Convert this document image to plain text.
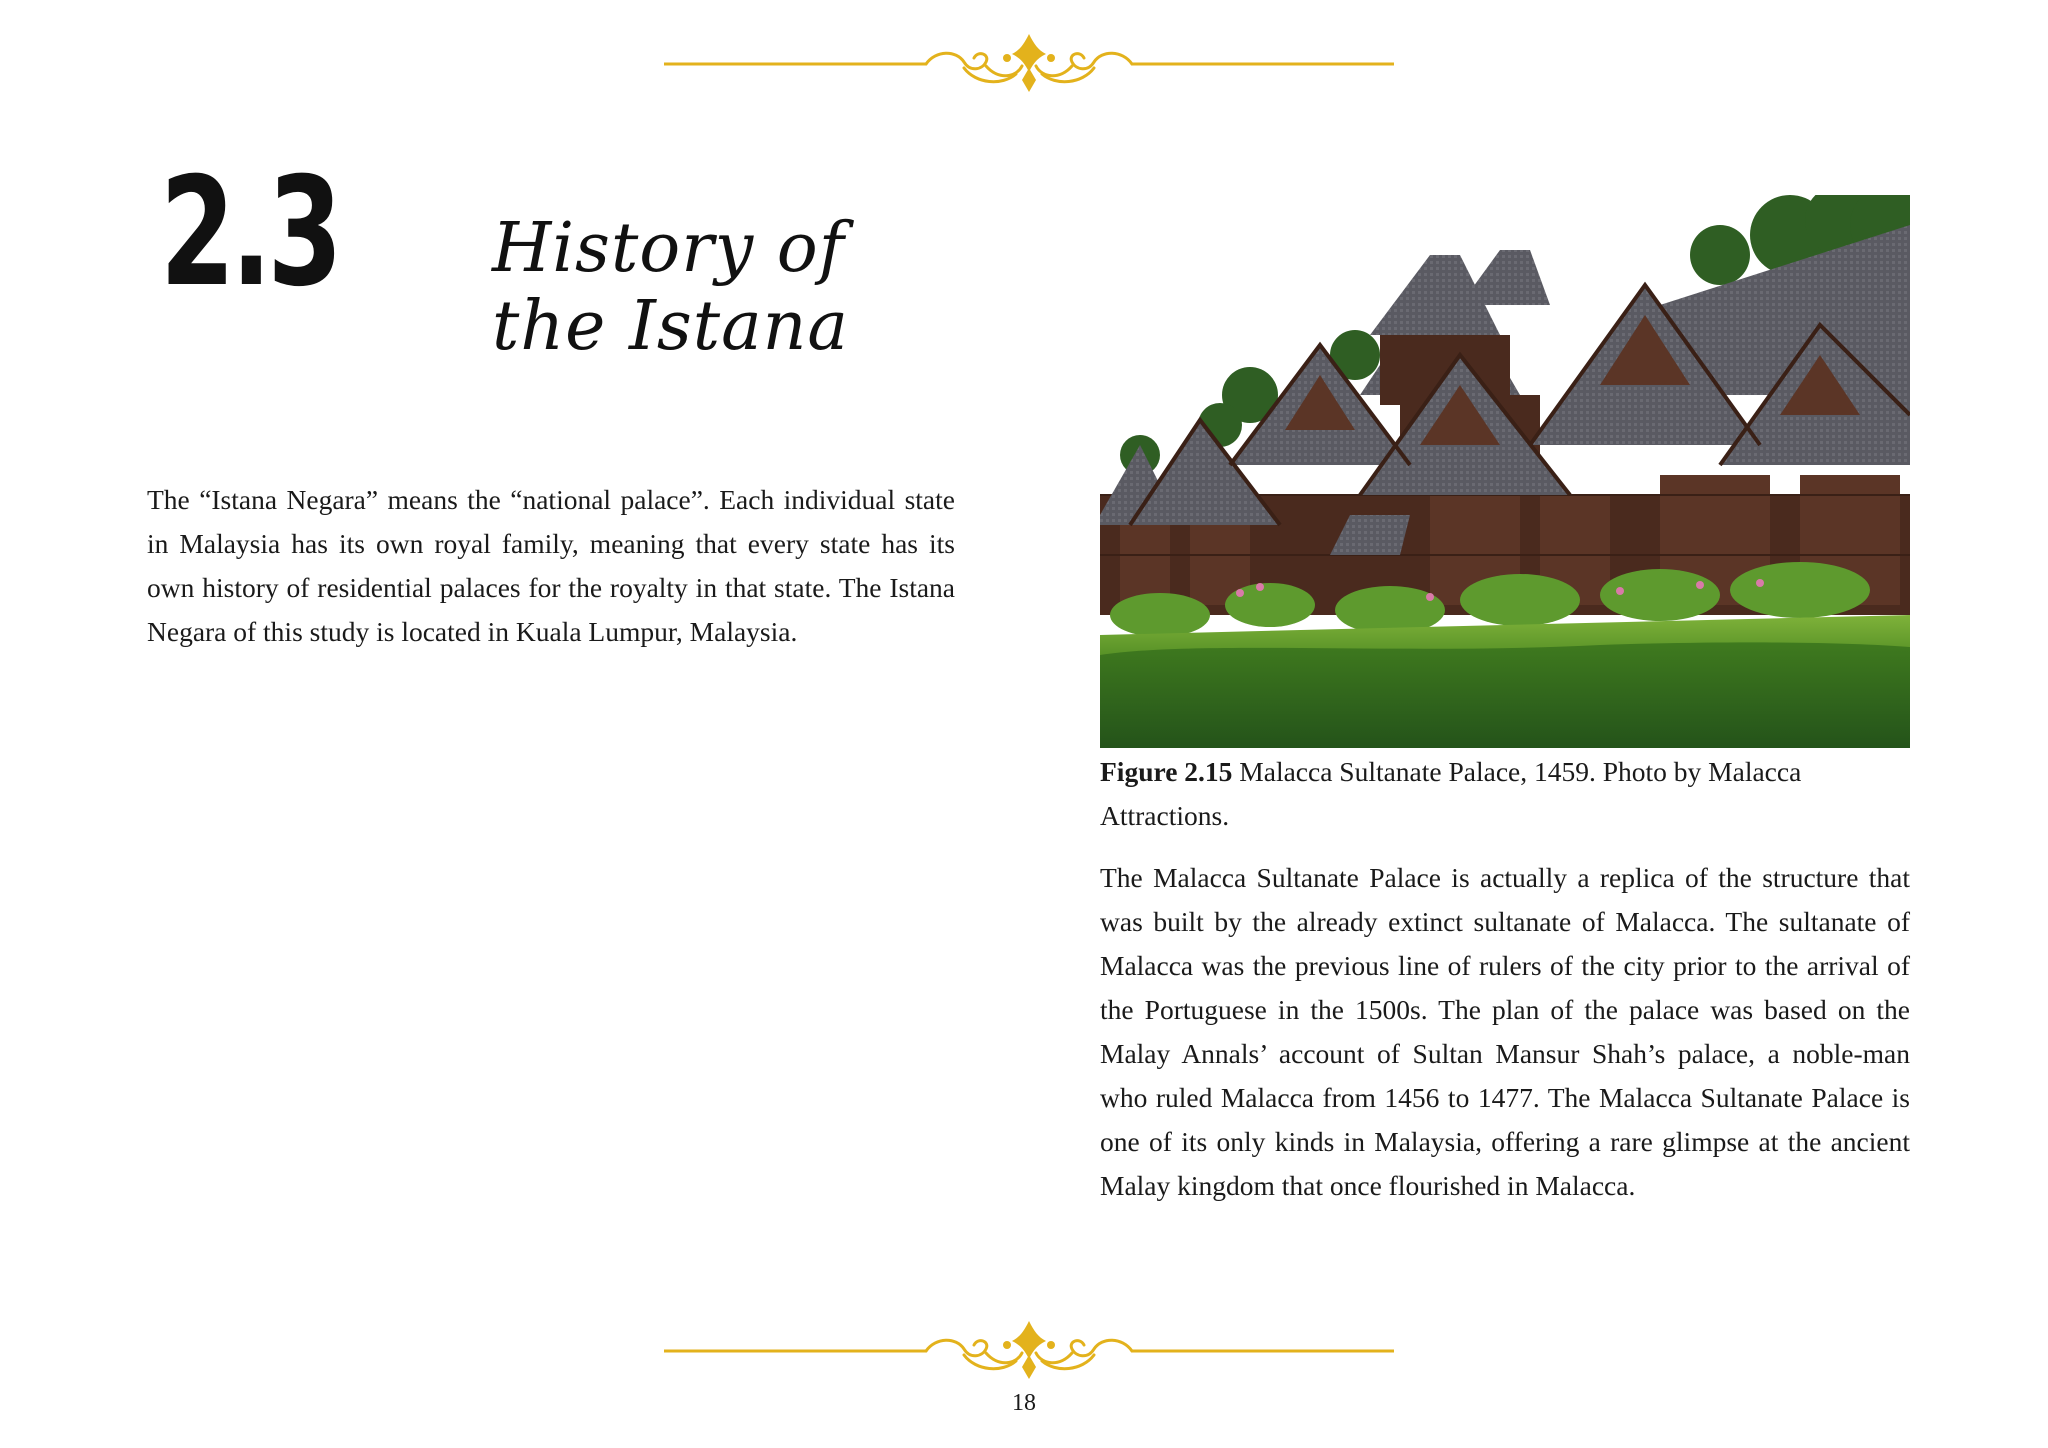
2.3 History of
the Istana

The “Istana Negara” means the “national palace”. Each individual state in Malaysia has its own royal family, meaning that every state has its own history of residential palaces for the royalty in that state. The Istana Negara of this study is located in Kuala Lumpur, Malaysia.

Figure 2.15 Malacca Sultanate Palace, 1459. Photo by Malacca Attractions.

The Malacca Sultanate Palace is actually a replica of the structure that was built by the already extinct sultanate of Malacca. The sultanate of Malacca was the previous line of rulers of the city prior to the arrival of the Portuguese in the 1500s. The plan of the palace was based on the Malay Annals’ account of Sultan Mansur Shah’s palace, a noble-man who ruled Malacca from 1456 to 1477. The Malacca Sultanate Palace is one of its only kinds in Malaysia, offering a rare glimpse at the ancient Malay kingdom that once flourished in Malacca.

18
